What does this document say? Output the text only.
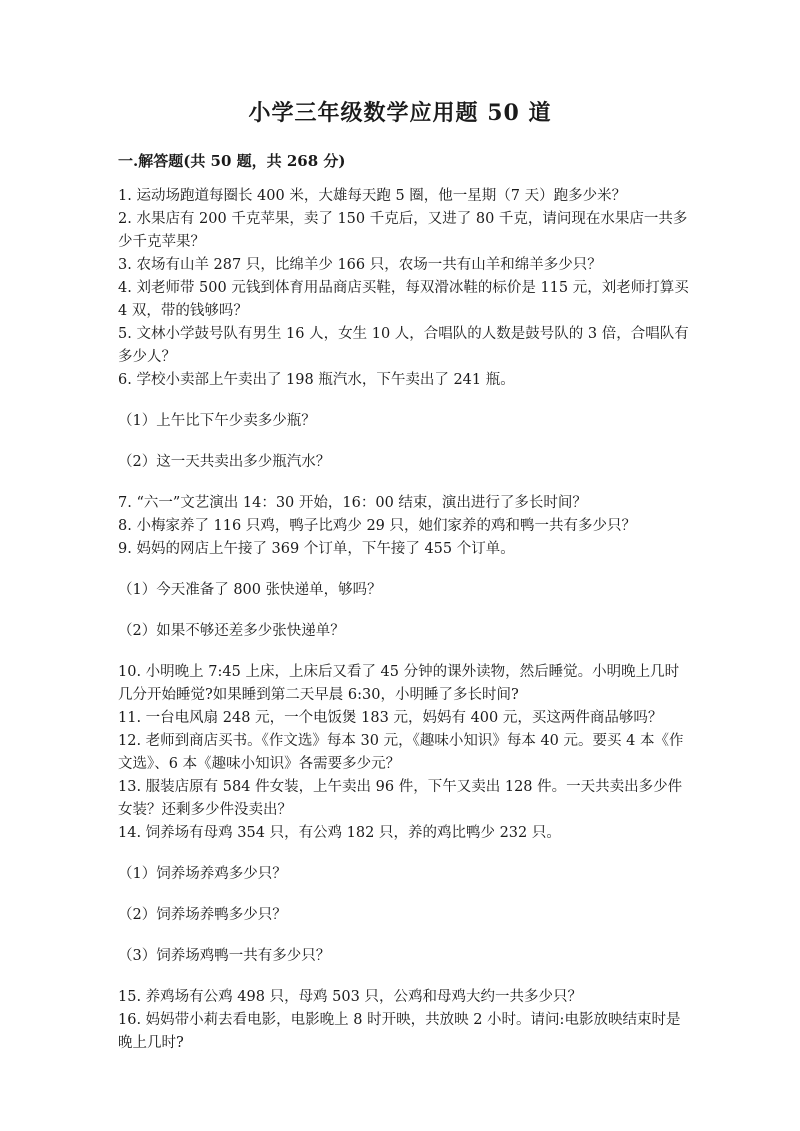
小学三年级数学应用题 50 道
一.解答题(共 50 题，共 268 分)

1. 运动场跑道每圈长 400 米，大雄每天跑 5 圈，他一星期（7 天）跑多少米？

2. 水果店有 200 千克苹果，卖了 150 千克后，又进了 80 千克，请问现在水果店一共多少千克苹果？

3. 农场有山羊 287 只，比绵羊少 166 只，农场一共有山羊和绵羊多少只？

4. 刘老师带 500 元钱到体育用品商店买鞋，每双滑冰鞋的标价是 115 元，刘老师打算买 4 双，带的钱够吗？

5. 文林小学鼓号队有男生 16 人，女生 10 人，合唱队的人数是鼓号队的 3 倍，合唱队有多少人？

6. 学校小卖部上午卖出了 198 瓶汽水，下午卖出了 241 瓶。

（1）上午比下午少卖多少瓶？

（2）这一天共卖出多少瓶汽水？

7. “六一”文艺演出 14：30 开始，16：00 结束，演出进行了多长时间？

8. 小梅家养了 116 只鸡，鸭子比鸡少 29 只，她们家养的鸡和鸭一共有多少只？

9. 妈妈的网店上午接了 369 个订单，下午接了 455 个订单。

（1）今天准备了 800 张快递单，够吗？

（2）如果不够还差多少张快递单？

10. 小明晚上 7:45 上床，上床后又看了 45 分钟的课外读物，然后睡觉。小明晚上几时几分开始睡觉?如果睡到第二天早晨 6:30，小明睡了多长时间?

11. 一台电风扇 248 元，一个电饭煲 183 元，妈妈有 400 元，买这两件商品够吗？

12. 老师到商店买书。《作文选》每本 30 元，《趣味小知识》每本 40 元。要买 4 本《作文选》、6 本《趣味小知识》各需要多少元？

13. 服装店原有 584 件女装，上午卖出 96 件，下午又卖出 128 件。一天共卖出多少件女装？还剩多少件没卖出？

14. 饲养场有母鸡 354 只，有公鸡 182 只，养的鸡比鸭少 232 只。

（1）饲养场养鸡多少只？

（2）饲养场养鸭多少只？

（3）饲养场鸡鸭一共有多少只？

15. 养鸡场有公鸡 498 只，母鸡 503 只，公鸡和母鸡大约一共多少只？

16. 妈妈带小莉去看电影，电影晚上 8 时开映，共放映 2 小时。请问:电影放映结束时是晚上几时?
